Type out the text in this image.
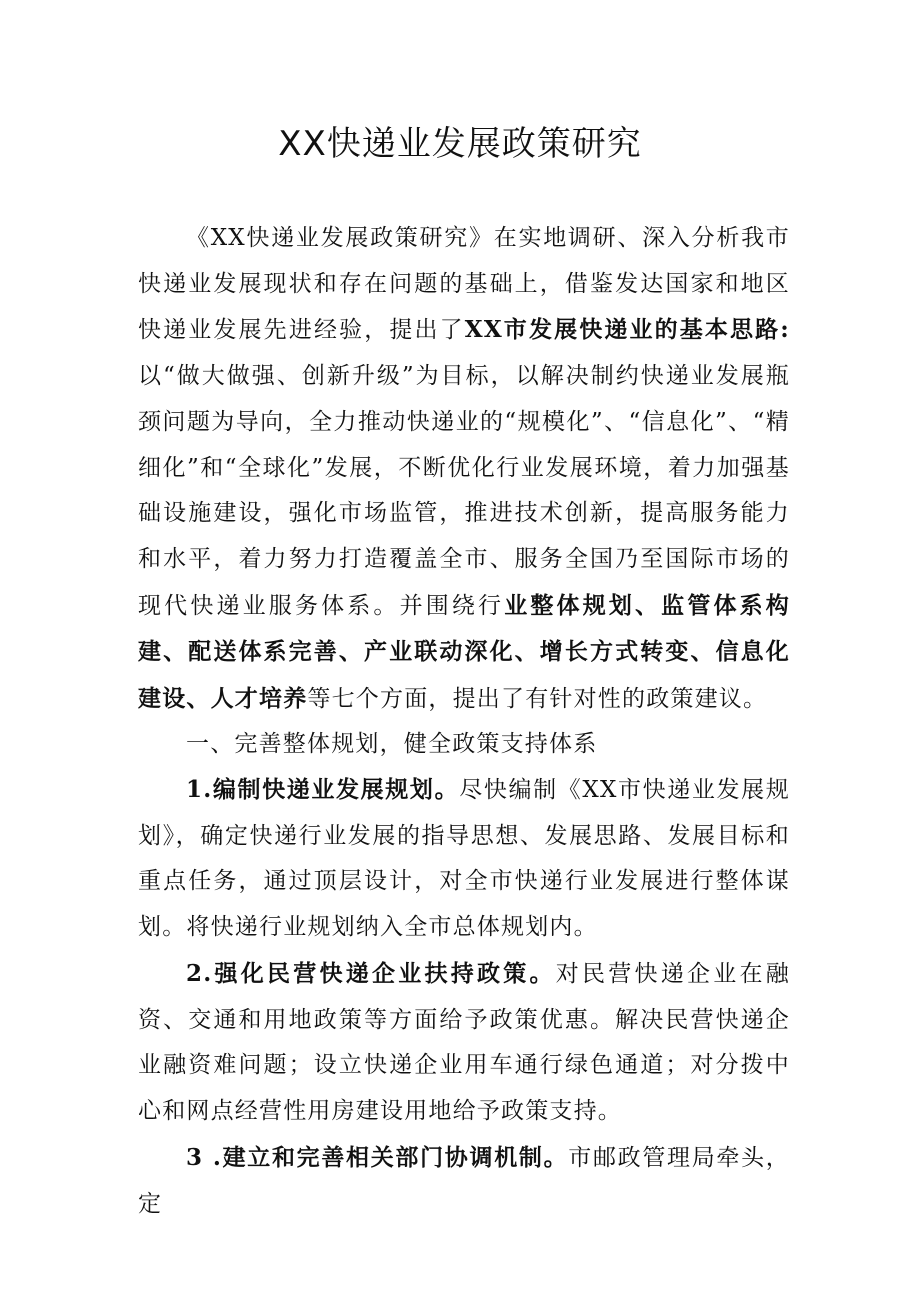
XX快递业发展政策研究

《XX快递业发展政策研究》在实地调研、深入分析我市快递业发展现状和存在问题的基础上，借鉴发达国家和地区快递业发展先进经验，提出了XX市发展快递业的基本思路:以“做大做强、创新升级”为目标，以解决制约快递业发展瓶颈问题为导向，全力推动快递业的“规模化”、“信息化”、“精细化”和“全球化”发展，不断优化行业发展环境，着力加强基础设施建设，强化市场监管，推进技术创新，提高服务能力和水平，着力努力打造覆盖全市、服务全国乃至国际市场的现代快递业服务体系。并围绕行业整体规划、监管体系构建、配送体系完善、产业联动深化、增长方式转变、信息化建设、人才培养等七个方面，提出了有针对性的政策建议。

一、完善整体规划，健全政策支持体系

1.编制快递业发展规划。尽快编制《XX市快递业发展规划》，确定快递行业发展的指导思想、发展思路、发展目标和重点任务，通过顶层设计，对全市快递行业发展进行整体谋划。将快递行业规划纳入全市总体规划内。

2.强化民营快递企业扶持政策。对民营快递企业在融资、交通和用地政策等方面给予政策优惠。解决民营快递企业融资难问题；设立快递企业用车通行绿色通道；对分拨中心和网点经营性用房建设用地给予政策支持。

3 .建立和完善相关部门协调机制。市邮政管理局牵头，定
